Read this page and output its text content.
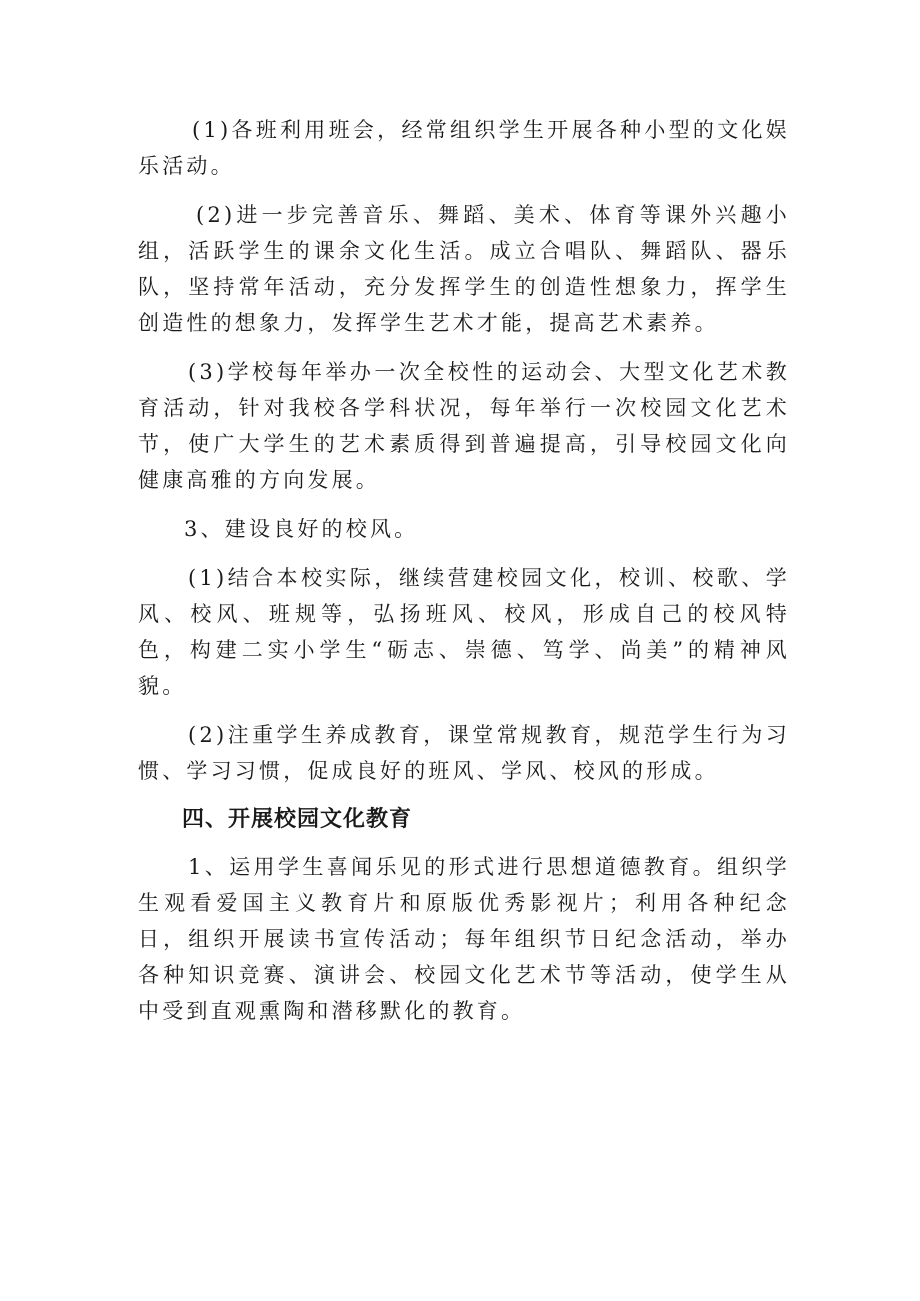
(1)各班利用班会，经常组织学生开展各种小型的文化娱乐活动。

(2)进一步完善音乐、舞蹈、美术、体育等课外兴趣小组，活跃学生的课余文化生活。成立合唱队、舞蹈队、器乐队，坚持常年活动，充分发挥学生的创造性想象力，挥学生创造性的想象力，发挥学生艺术才能，提高艺术素养。

(3)学校每年举办一次全校性的运动会、大型文化艺术教育活动，针对我校各学科状况，每年举行一次校园文化艺术节，使广大学生的艺术素质得到普遍提高，引导校园文化向健康高雅的方向发展。

3、建设良好的校风。

(1)结合本校实际，继续营建校园文化，校训、校歌、学风、校风、班规等，弘扬班风、校风，形成自己的校风特色，构建二实小学生“砺志、崇德、笃学、尚美”的精神风貌。

(2)注重学生养成教育，课堂常规教育，规范学生行为习惯、学习习惯，促成良好的班风、学风、校风的形成。

四、开展校园文化教育

1、运用学生喜闻乐见的形式进行思想道德教育。组织学生观看爱国主义教育片和原版优秀影视片；利用各种纪念日，组织开展读书宣传活动；每年组织节日纪念活动，举办各种知识竞赛、演讲会、校园文化艺术节等活动，使学生从中受到直观熏陶和潜移默化的教育。
